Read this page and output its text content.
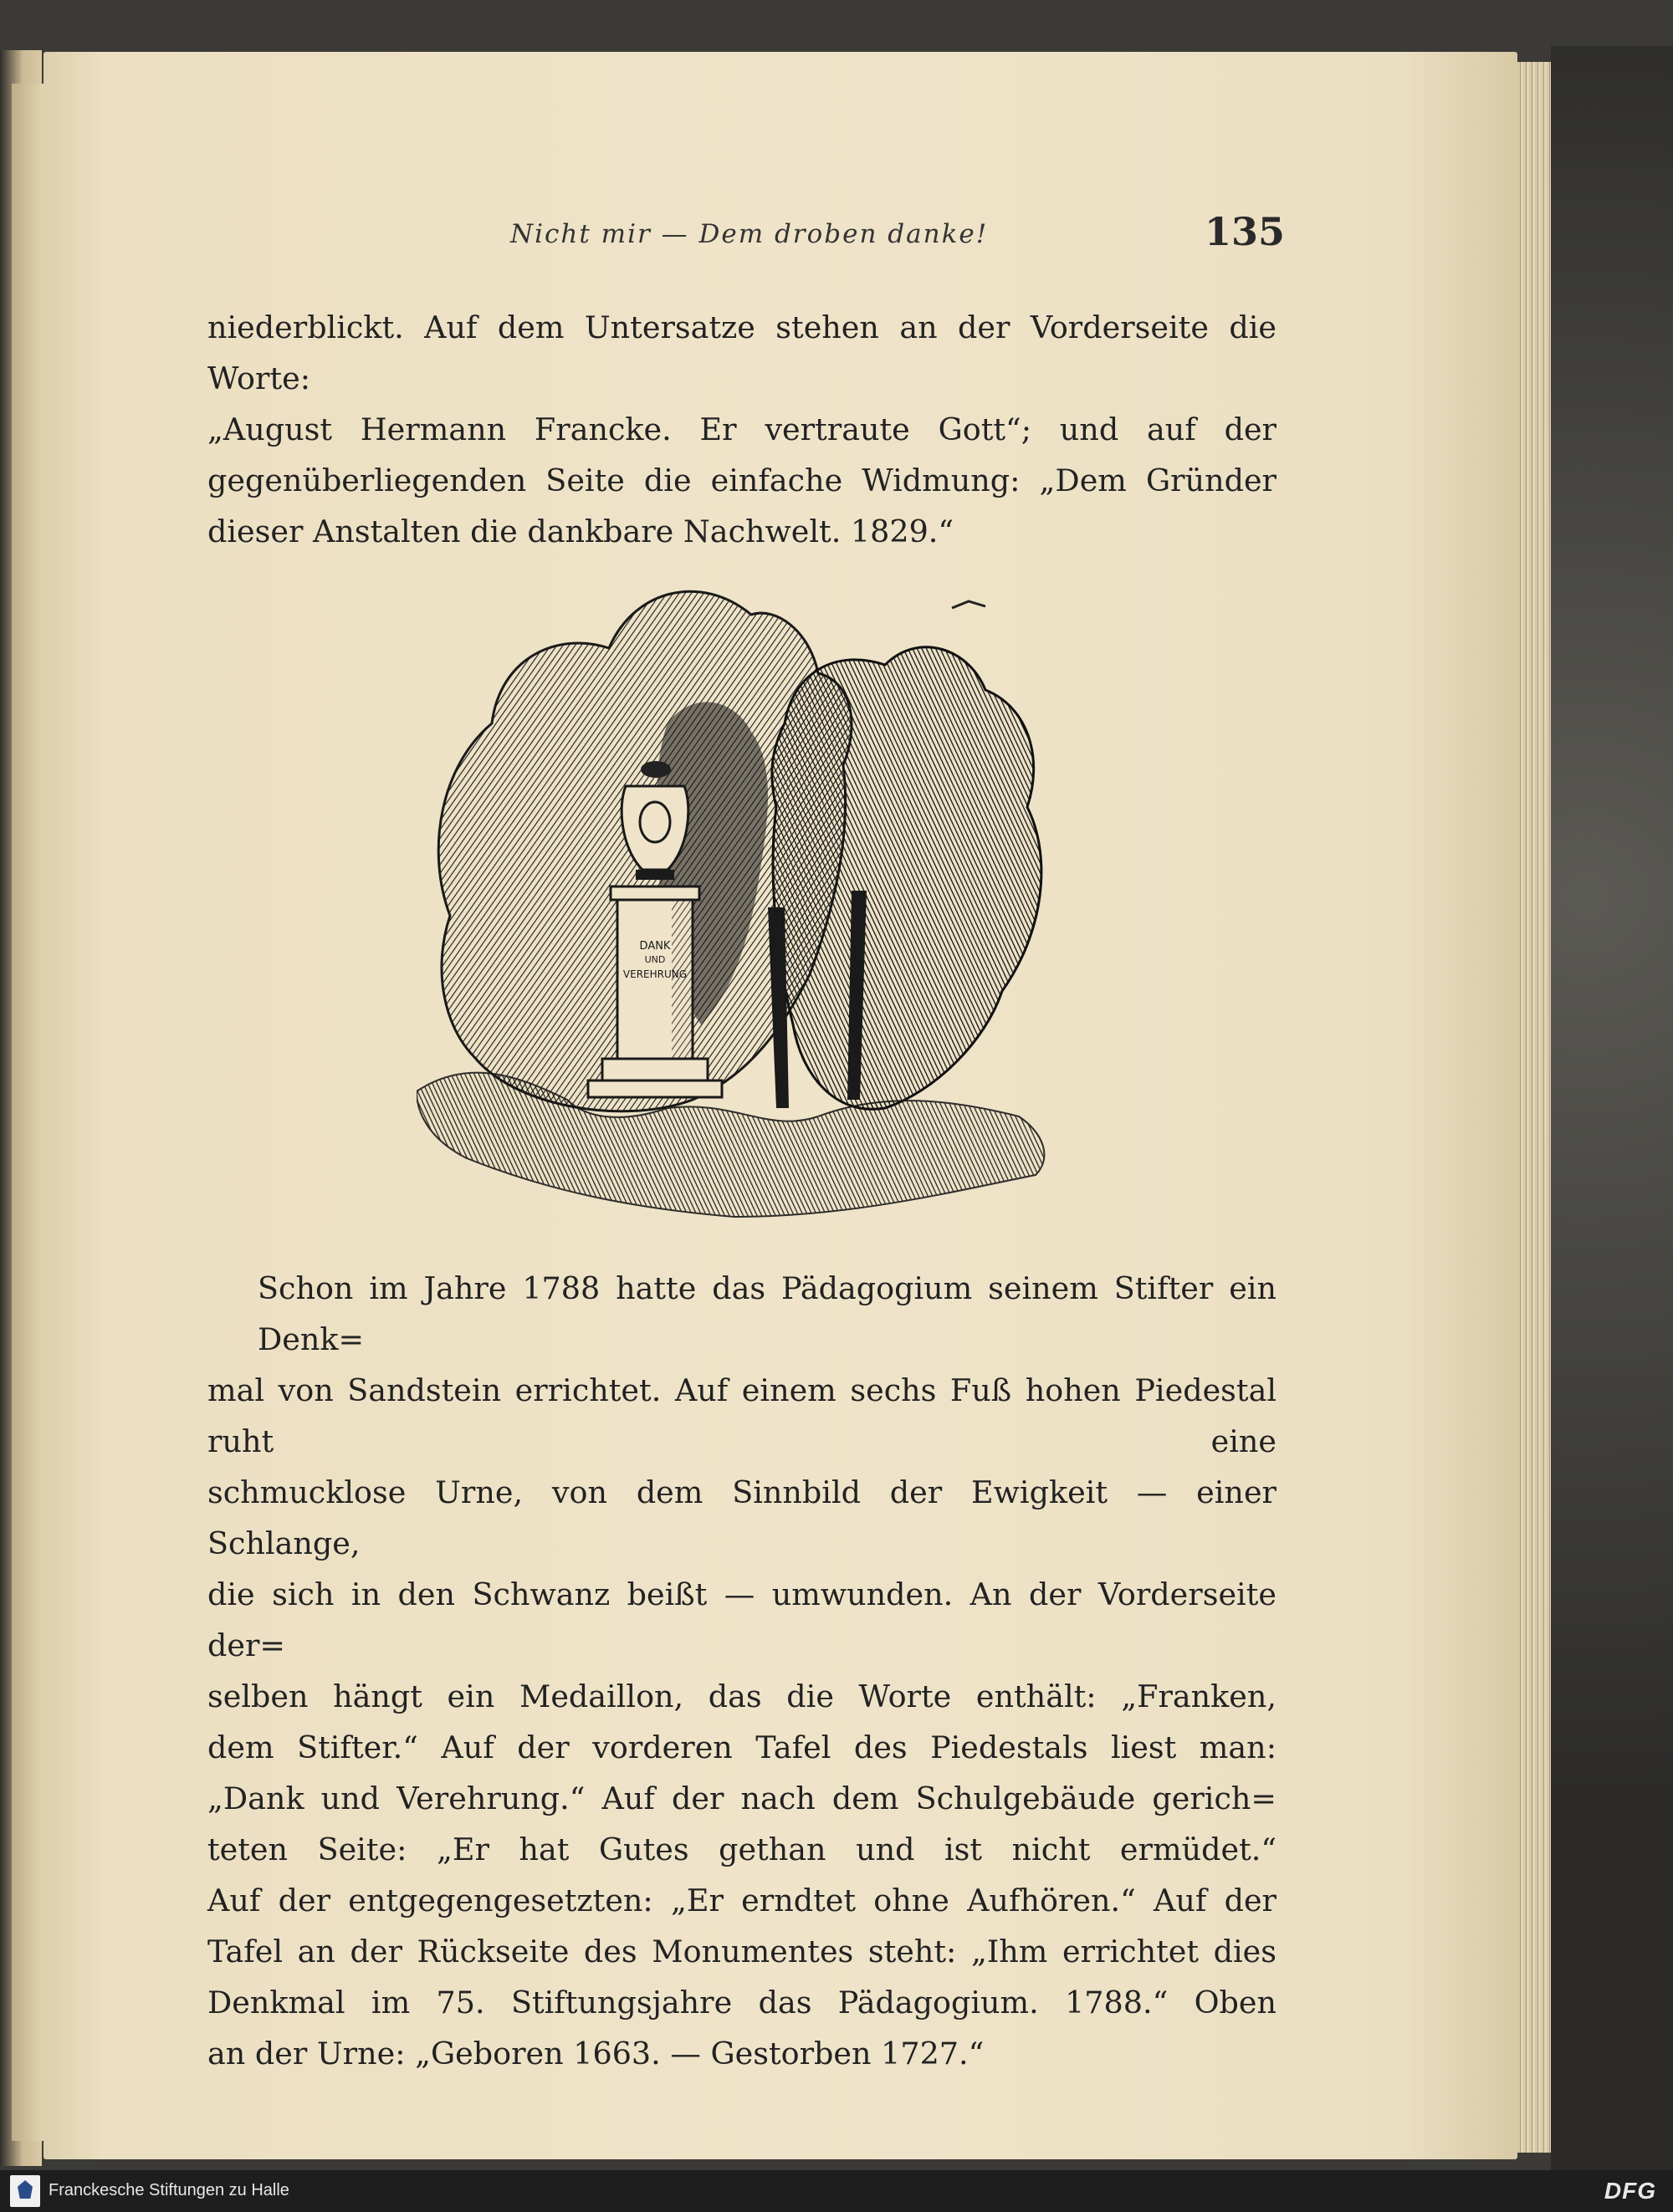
Nicht mir — Dem droben danke!	135

niederblickt. Auf dem Untersatze stehen an der Vorderseite die Worte:

„August Hermann Francke. Er vertraute Gott“; und auf der

gegenüberliegenden Seite die einfache Widmung: „Dem Gründer

dieser Anstalten die dankbare Nachwelt. 1829.“

DANK
UND
VEREHRUNG

Schon im Jahre 1788 hatte das Pädagogium seinem Stifter ein Denk=

mal von Sandstein errichtet. Auf einem sechs Fuß hohen Piedestal ruht eine

schmucklose Urne, von dem Sinnbild der Ewigkeit — einer Schlange,

die sich in den Schwanz beißt — umwunden. An der Vorderseite der=

selben hängt ein Medaillon, das die Worte enthält: „Franken,

dem Stifter.“ Auf der vorderen Tafel des Piedestals liest man:

„Dank und Verehrung.“ Auf der nach dem Schulgebäude gerich=

teten Seite: „Er hat Gutes gethan und ist nicht ermüdet.“

Auf der entgegengesetzten: „Er erndtet ohne Aufhören.“ Auf der

Tafel an der Rückseite des Monumentes steht: „Ihm errichtet dies

Denkmal im 75. Stiftungsjahre das Pädagogium. 1788.“ Oben

an der Urne: „Geboren 1663. — Gestorben 1727.“

Franckesche Stiftungen zu Halle	DFG
